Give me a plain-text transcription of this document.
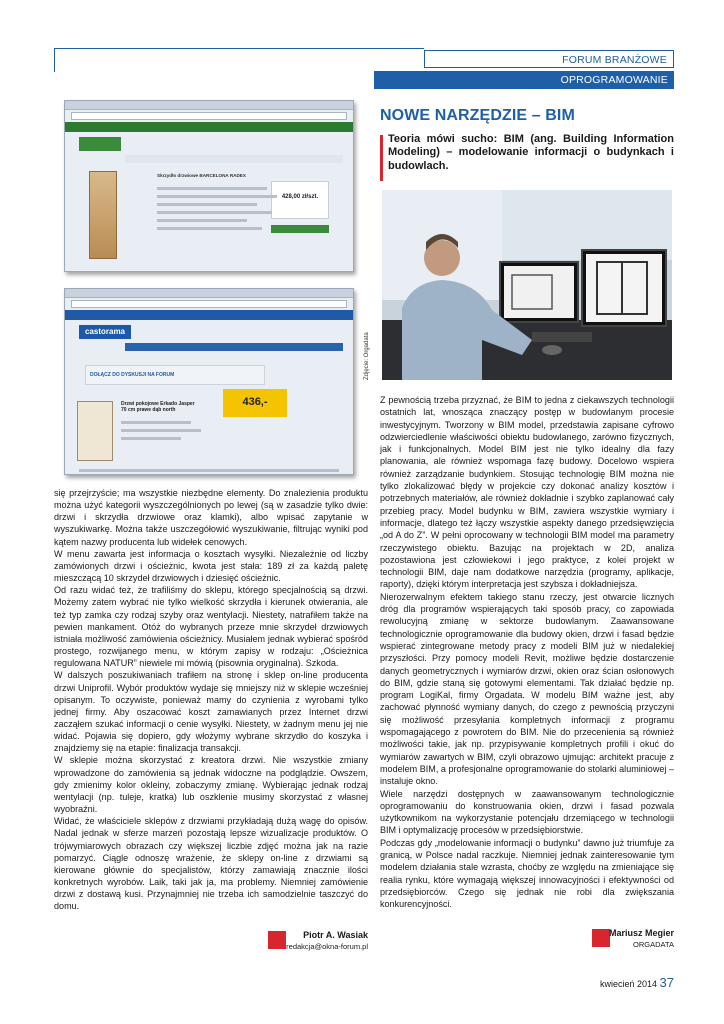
FORUM BRANŻOWE
OPROGRAMOWANIE
Skrzydło drzwiowe BARCELONA RADEX
428,00 zł/szt.
castorama
DOŁĄCZ DO DYSKUSJI NA FORUM
Drzwi pokojowe Erkado Jasper 70 cm prawe dąb north
436,-

się przejrzyście; ma wszystkie niezbędne elementy. Do znalezienia produktu można użyć kategorii wyszczególnionych po lewej (są w zasadzie tylko dwie: drzwi i skrzydła drzwiowe oraz klamki), albo wpisać zapytanie w wyszukiwarkę. Można także uszczegółowić wyszukiwanie, filtrując wyniki pod kątem nazwy producenta lub widełek cenowych.

W menu zawarta jest informacja o kosztach wysyłki. Niezależnie od liczby zamówionych drzwi i ościeżnic, kwota jest stała: 189 zł za każdą paletę mieszczącą 10 skrzydeł drzwiowych i dziesięć ościeżnic.

Od razu widać też, że trafiliśmy do sklepu, którego specjalnością są drzwi. Możemy zatem wybrać nie tylko wielkość skrzydła i kierunek otwierania, ale też typ zamka czy rodzaj szyby oraz wentylacji. Niestety, natrafiłem także na pewien mankament. Otóż do wybranych przeze mnie skrzydeł drzwiowych istniała możliwość zamówienia ościeżnicy. Musiałem jednak wybierać spośród prostego, rozwijanego menu, w którym zapisy w rodzaju: „Ościeżnica regulowana NATUR” niewiele mi mówią (pisownia oryginalna). Szkoda.

W dalszych poszukiwaniach trafiłem na stronę i sklep on-line producenta drzwi Uniprofil. Wybór produktów wydaje się mniejszy niż w sklepie wcześniej opisanym. To oczywiste, ponieważ mamy do czynienia z wyrobami tylko jednej firmy. Aby oszacować koszt zamawianych przez Internet drzwi zacząłem szukać informacji o cenie wysyłki. Niestety, w żadnym menu jej nie widać. Pojawia się dopiero, gdy włożymy wybrane skrzydło do koszyka i znajdziemy się na etapie: finalizacja transakcji.

W sklepie można skorzystać z kreatora drzwi. Nie wszystkie zmiany wprowadzone do zamówienia są jednak widoczne na podglądzie. Owszem, gdy zmienimy kolor okleiny, zobaczymy zmianę. Wybierając jednak rodzaj wentylacji (np. tuleje, kratka) lub oszklenie musimy skorzystać z własnej wyobraźni.

Widać, że właściciele sklepów z drzwiami przykładają dużą wagę do opisów. Nadal jednak w sferze marzeń pozostają lepsze wizualizacje produktów. O trójwymiarowych obrazach czy większej liczbie zdjęć można jak na razie pomarzyć. Ciągle odnoszę wrażenie, że sklepy on-line z drzwiami są kierowane głównie do specjalistów, którzy zamawiają znacznie ilości konkretnych wyrobów. Laik, taki jak ja, ma problemy. Niemniej zamówienie drzwi z dostawą kusi. Przynajmniej nie trzeba ich samodzielnie taszczyć do domu.

Piotr A. Wasiak
redakcja@okna-forum.pl
NOWE NARZĘDZIE – BIM
Teoria mówi sucho: BIM (ang. Building Information Modeling) – modelowanie informacji o budynkach i budowlach.
Zdjęcie: Orgadata

Z pewnością trzeba przyznać, że BIM to jedna z ciekawszych technologii ostatnich lat, wnosząca znaczący postęp w budowlanym procesie inwestycyjnym. Tworzony w BIM model, przedstawia zapisane cyfrowo odzwierciedlenie właściwości obiektu budowlanego, zarówno fizycznych, jak i funkcjonalnych. Model BIM jest nie tylko idealny dla fazy planowania, ale również wspomaga fazę budowy. Docelowo wspiera również zarządzanie budynkiem. Stosując technologię BIM można nie tylko zlokalizować błędy w projekcie czy dokonać analizy kosztów i potrzebnych materiałów, ale również dokładnie i szybko zaplanować cały przebieg pracy. Model budynku w BIM, zawiera wszystkie wymiary i informacje, dlatego też łączy wszystkie aspekty danego przedsięwzięcia „od A do Z”. W pełni oprocowany w technologii BIM model ma parametry rzeczywistego obiektu. Bazując na projektach w 2D, analiza pozostawiona jest człowiekowi i jego praktyce, z kolei projekt w technologii BIM, daje nam dodatkowe narzędzia (programy, aplikacje, raporty), dzięki którym interpretacja jest szybsza i dokładniejsza.

Nierozerwalnym efektem takiego stanu rzeczy, jest otwarcie licznych dróg dla programów wspierających taki sposób pracy, co zapowiada rewolucyjną zmianę w sektorze budowlanym. Zaawansowane technologicznie oprogramowanie dla budowy okien, drzwi i fasad będzie wspierać zintegrowane metody pracy z modeli BIM już w niedalekiej przyszłości. Przy pomocy modeli Revit, możliwe będzie dostarczenie danych geometrycznych i wymiarów drzwi, okien oraz ścian osłonowych do BIM, gdzie staną się gotowymi elementami. Tak działać będzie np. program LogiKal, firmy Orgadata. W modelu BIM ważne jest, aby zachować płynność wymiany danych, do czego z pewnością przyczyni się możliwość przesyłania kompletnych informacji z programu wspomagającego z powrotem do BIM. Nie do przecenienia są również możliwości takie, jak np. przypisywanie kompletnych profili i okuć do wymiarów zawartych w BIM, czyli obrazowo ujmując: architekt pracuje z modelem BIM, a profesjonalne oprogramowanie do stolarki aluminiowej – instaluje okno.

Wiele narzędzi dostępnych w zaawansowanym technologicznie oprogramowaniu do konstruowania okien, drzwi i fasad pozwala użytkownikom na wykorzystanie potencjału drzemiącego w technologii BIM i optymalizację procesów w przedsiębiorstwie.

Podczas gdy „modelowanie informacji o budynku” dawno już triumfuje za granicą, w Polsce nadal raczkuje. Niemniej jednak zainteresowanie tym modelem działania stale wzrasta, choćby ze względu na zmieniające się realia rynku, które wymagają większej innowacyjności i efektywności od przedsiębiorców. Czego się jednak nie robi dla zwiększania konkurencyjności.

Mariusz Megier
ORGADATA
kwiecień 2014 37
